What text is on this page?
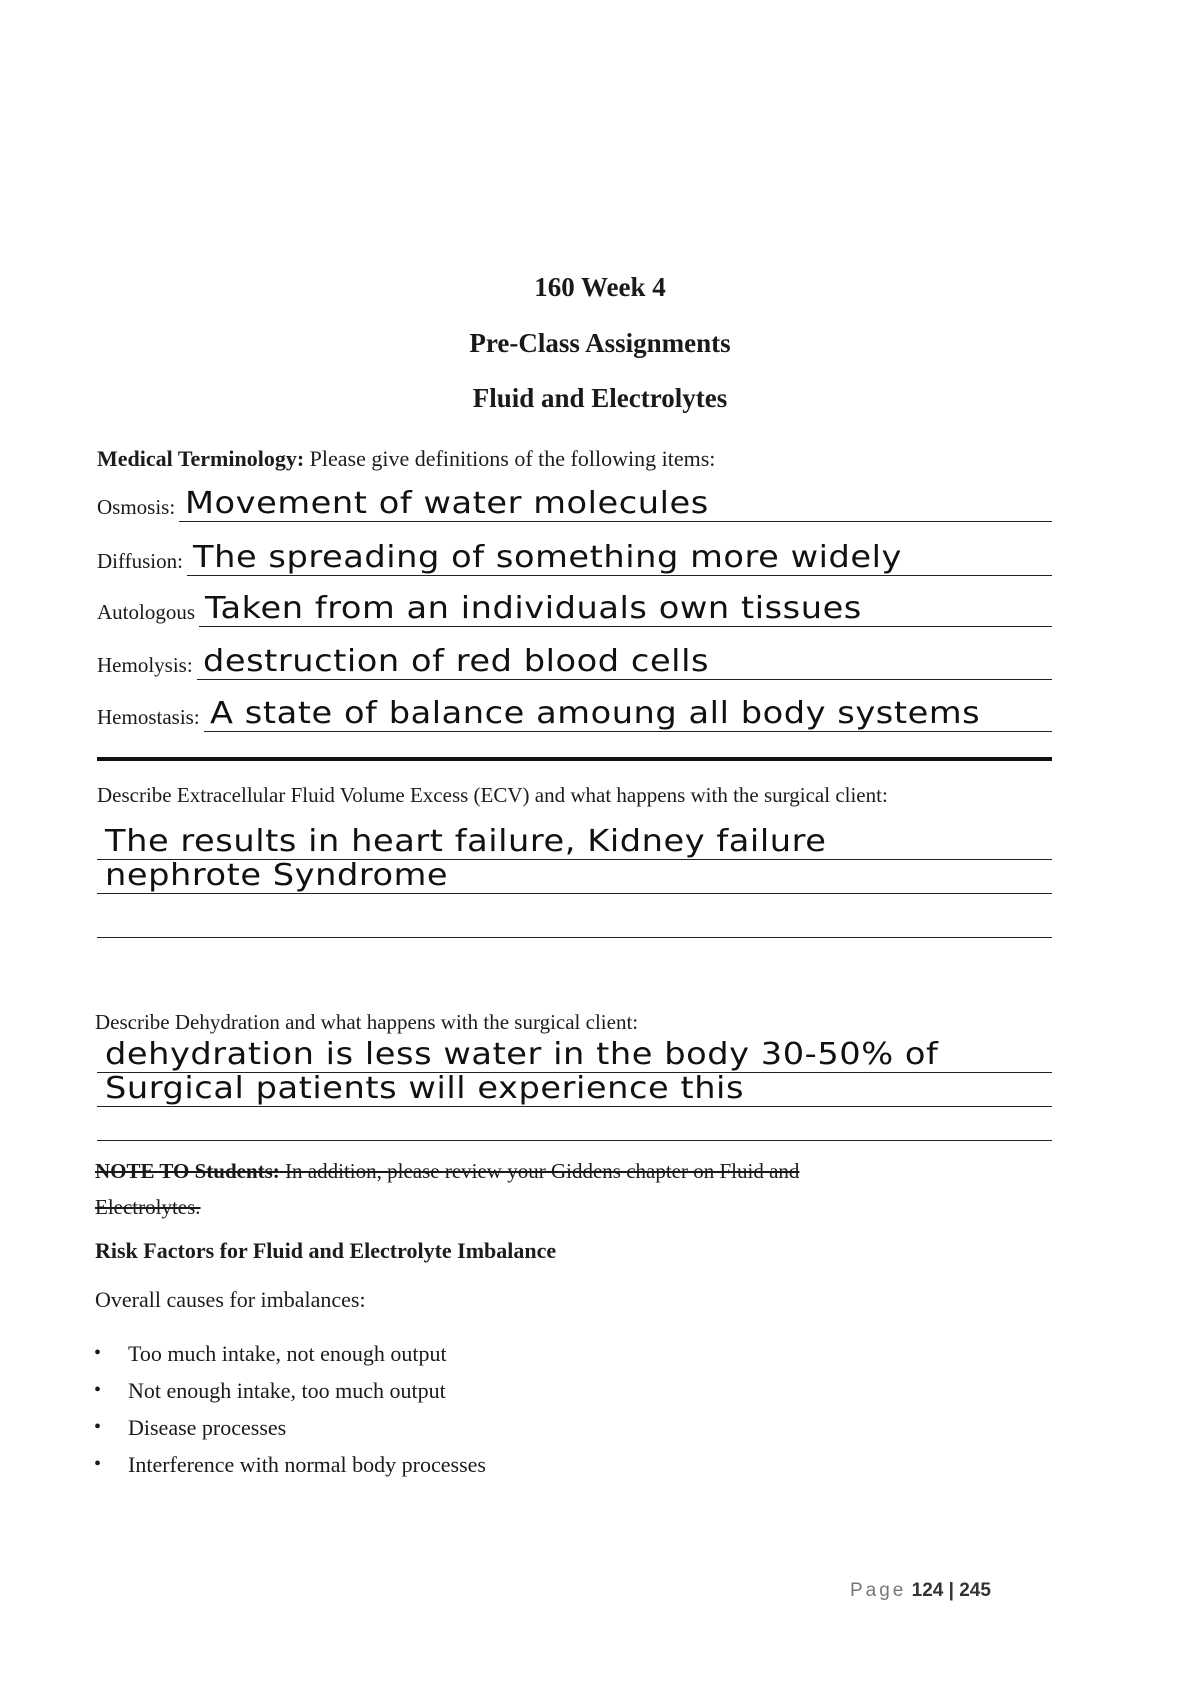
160 Week 4
Pre-Class Assignments
Fluid and Electrolytes
Medical Terminology: Please give definitions of the following items:
Osmosis: Movement of water molecules
Diffusion: The spreading of something more widely
Autologous Taken from an individuals own tissues
Hemolysis: destruction of red blood cells
Hemostasis: A state of balance amoung all body systems
Describe Extracellular Fluid Volume Excess (ECV) and what happens with the surgical client:
The results in heart failure, Kidney failure
nephrote Syndrome
Describe Dehydration and what happens with the surgical client:
dehydration is less water in the body 30-50% of
Surgical patients will experience this
NOTE TO Students: In addition, please review your Giddens chapter on Fluid and
Electrolytes.
Risk Factors for Fluid and Electrolyte Imbalance
Overall causes for imbalances:
• Too much intake, not enough output
• Not enough intake, too much output
• Disease processes
• Interference with normal body processes
Page 124 | 245
